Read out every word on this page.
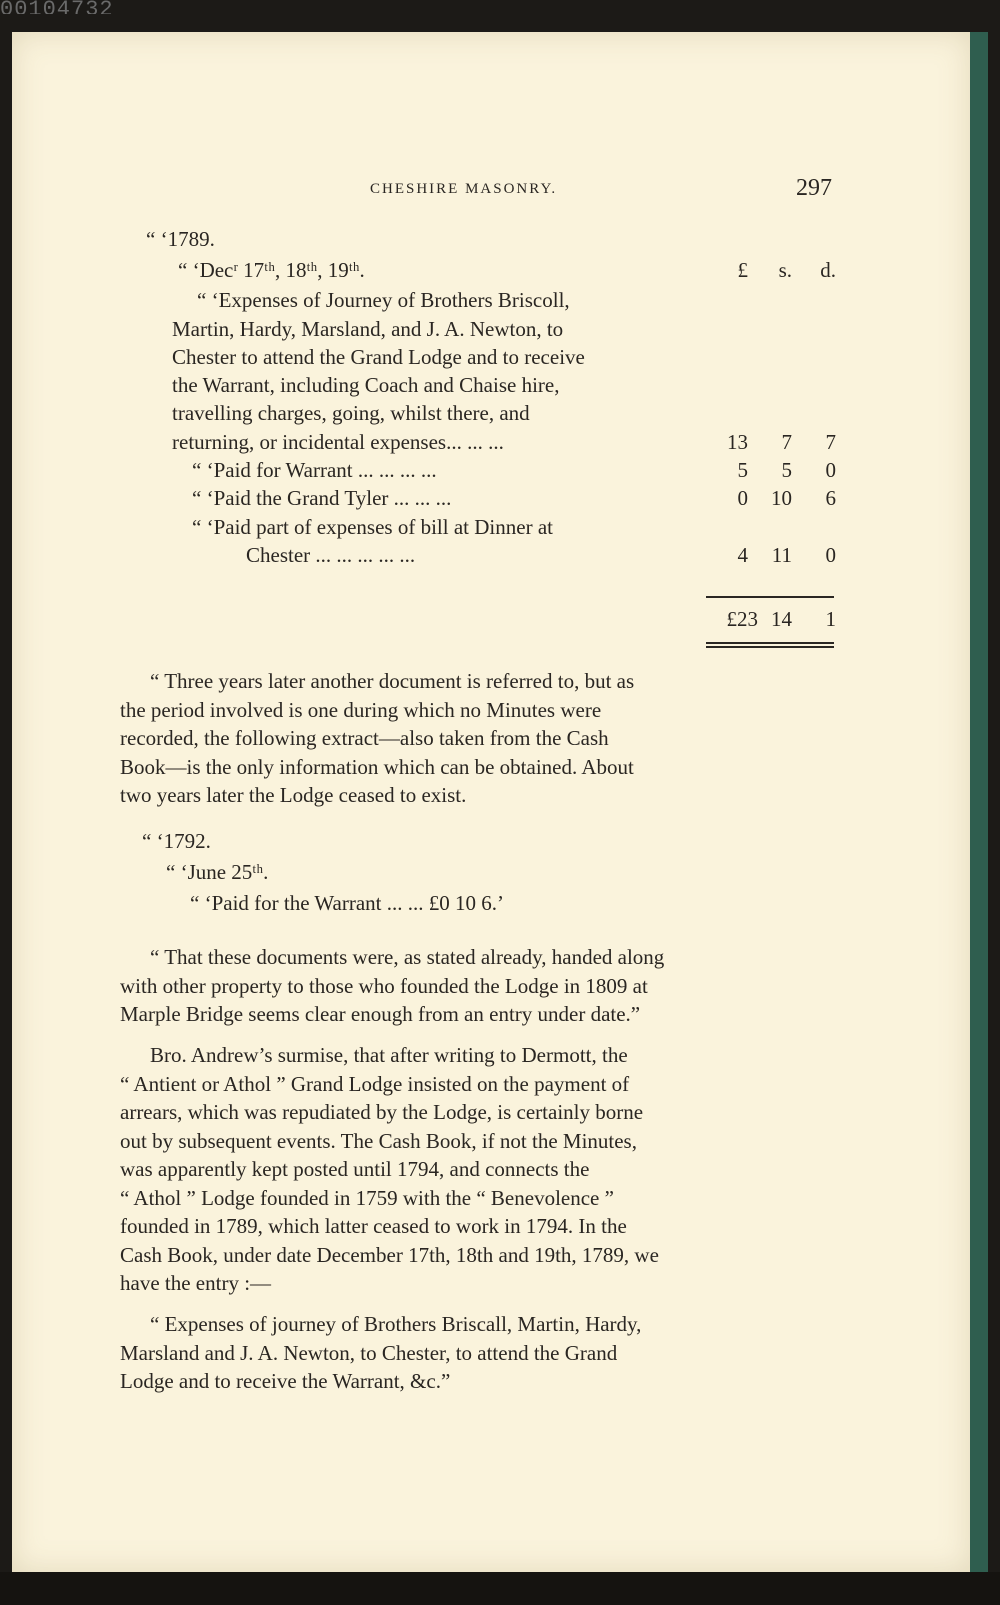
00104732
CHESHIRE MASONRY.	297
“ ‘1789.
“ ‘Decʳ 17ᵗʰ, 18ᵗʰ, 19ᵗʰ.	£	s.	d.
“ ‘Expenses of Journey of Brothers Briscoll,
Martin, Hardy, Marsland, and J. A. Newton, to
Chester to attend the Grand Lodge and to receive
the Warrant, including Coach and Chaise hire,
travelling charges, going, whilst there, and
returning, or incidental expenses... ... ...	13	7	7
“ ‘Paid for Warrant ... ... ... ...	5	5	0
“ ‘Paid the Grand Tyler ... ... ...	0	10	6
“ ‘Paid part of expenses of bill at Dinner at
Chester ... ... ... ... ...	4	11	0
£23 14	1

“ Three years later another document is referred to, but as

the period involved is one during which no Minutes were

recorded, the following extract—also taken from the Cash

Book—is the only information which can be obtained. About

two years later the Lodge ceased to exist.

“ ‘1792.
“ ‘June 25ᵗʰ.
“ ‘Paid for the Warrant ... ... £0 10 6.’

“ That these documents were, as stated already, handed along

with other property to those who founded the Lodge in 1809 at

Marple Bridge seems clear enough from an entry under date.”

Bro. Andrew’s surmise, that after writing to Dermott, the

“ Antient or Athol ” Grand Lodge insisted on the payment of

arrears, which was repudiated by the Lodge, is certainly borne

out by subsequent events. The Cash Book, if not the Minutes,

was apparently kept posted until 1794, and connects the

“ Athol ” Lodge founded in 1759 with the “ Benevolence ”

founded in 1789, which latter ceased to work in 1794. In the

Cash Book, under date December 17th, 18th and 19th, 1789, we

have the entry :—

“ Expenses of journey of Brothers Briscall, Martin, Hardy,

Marsland and J. A. Newton, to Chester, to attend the Grand

Lodge and to receive the Warrant, &c.”
